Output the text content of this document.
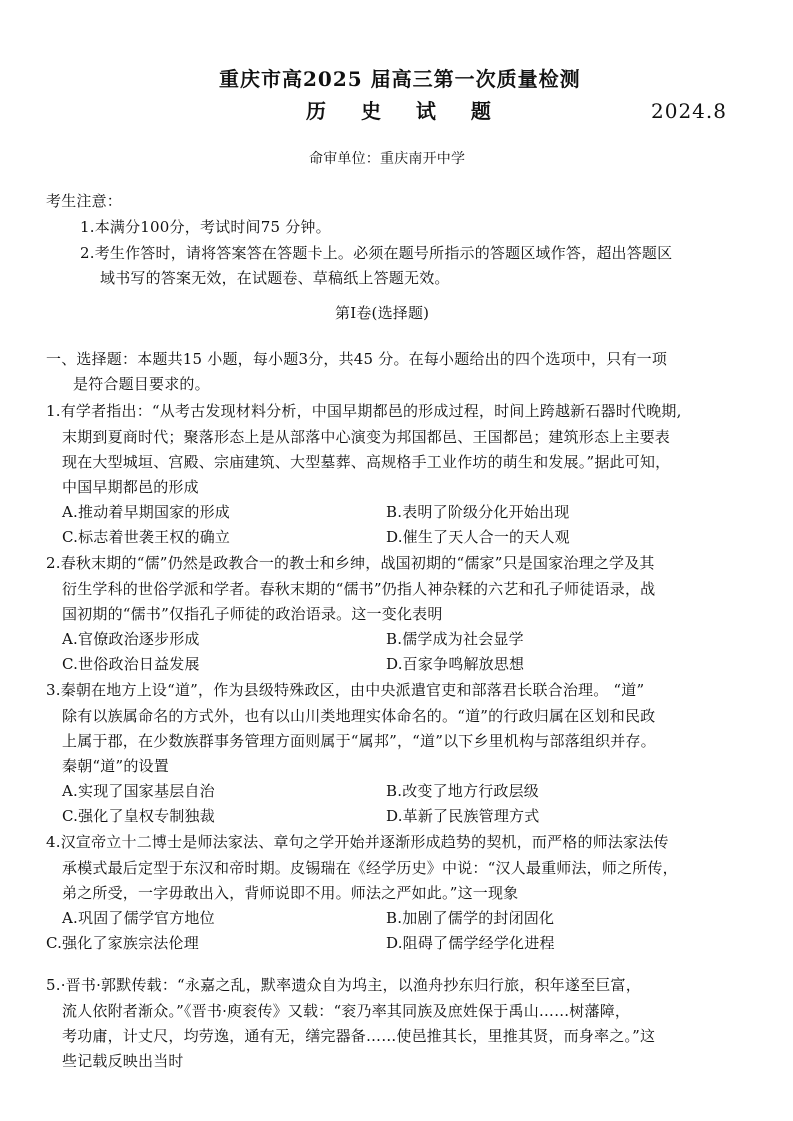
重庆市高2025 届高三第一次质量检测
历 史 试 题	2024.8
命审单位：重庆南开中学
考生注意：
1.本满分100分，考试时间75 分钟。
2.考生作答时，请将答案答在答题卡上。必须在题号所指示的答题区域作答，超出答题区
域书写的答案无效，在试题卷、草稿纸上答题无效。
第Ⅰ卷(选择题)
一、选择题：本题共15 小题，每小题3分，共45 分。在每小题给出的四个选项中，只有一项
是符合题目要求的。
1.有学者指出：“从考古发现材料分析，中国早期都邑的形成过程，时间上跨越新石器时代晚期,
末期到夏商时代；聚落形态上是从部落中心演变为邦国都邑、王国都邑；建筑形态上主要表
现在大型城垣、宫殿、宗庙建筑、大型墓葬、高规格手工业作坊的萌生和发展。”据此可知，
中国早期都邑的形成
A.推动着早期国家的形成	B.表明了阶级分化开始出现
C.标志着世袭王权的确立	D.催生了天人合一的天人观
2.春秋末期的“儒”仍然是政教合一的教士和乡绅，战国初期的“儒家”只是国家治理之学及其
衍生学科的世俗学派和学者。春秋末期的“儒书”仍指人神杂糅的六艺和孔子师徒语录，战
国初期的“儒书”仅指孔子师徒的政治语录。这一变化表明
A.官僚政治逐步形成	B.儒学成为社会显学
C.世俗政治日益发展	D.百家争鸣解放思想
3.秦朝在地方上设“道”，作为县级特殊政区，由中央派遣官吏和部落君长联合治理。 “道”
除有以族属命名的方式外，也有以山川类地理实体命名的。“道”的行政归属在区划和民政
上属于郡，在少数族群事务管理方面则属于“属邦”，“道”以下乡里机构与部落组织并存。
秦朝“道”的设置
A.实现了国家基层自治	B.改变了地方行政层级
C.强化了皇权专制独裁	D.革新了民族管理方式
4.汉宣帝立十二博士是师法家法、章句之学开始并逐渐形成趋势的契机，而严格的师法家法传
承模式最后定型于东汉和帝时期。皮锡瑞在《经学历史》中说：“汉人最重师法，师之所传，
弟之所受，一字毋敢出入，背师说即不用。师法之严如此。”这一现象
A.巩固了儒学官方地位	B.加剧了儒学的封闭固化
C.强化了家族宗法伦理	D.阻碍了儒学经学化进程
5.·晋书·郭默传载：“永嘉之乱，默率遗众自为坞主，以渔舟抄东归行旅，积年遂至巨富，
流人依附者渐众。”《晋书·庾衮传》又载：“衮乃率其同族及庶姓保于禹山……树藩障，
考功庸，计丈尺，均劳逸，通有无，缮完器备……使邑推其长，里推其贤，而身率之。”这
些记载反映出当时
